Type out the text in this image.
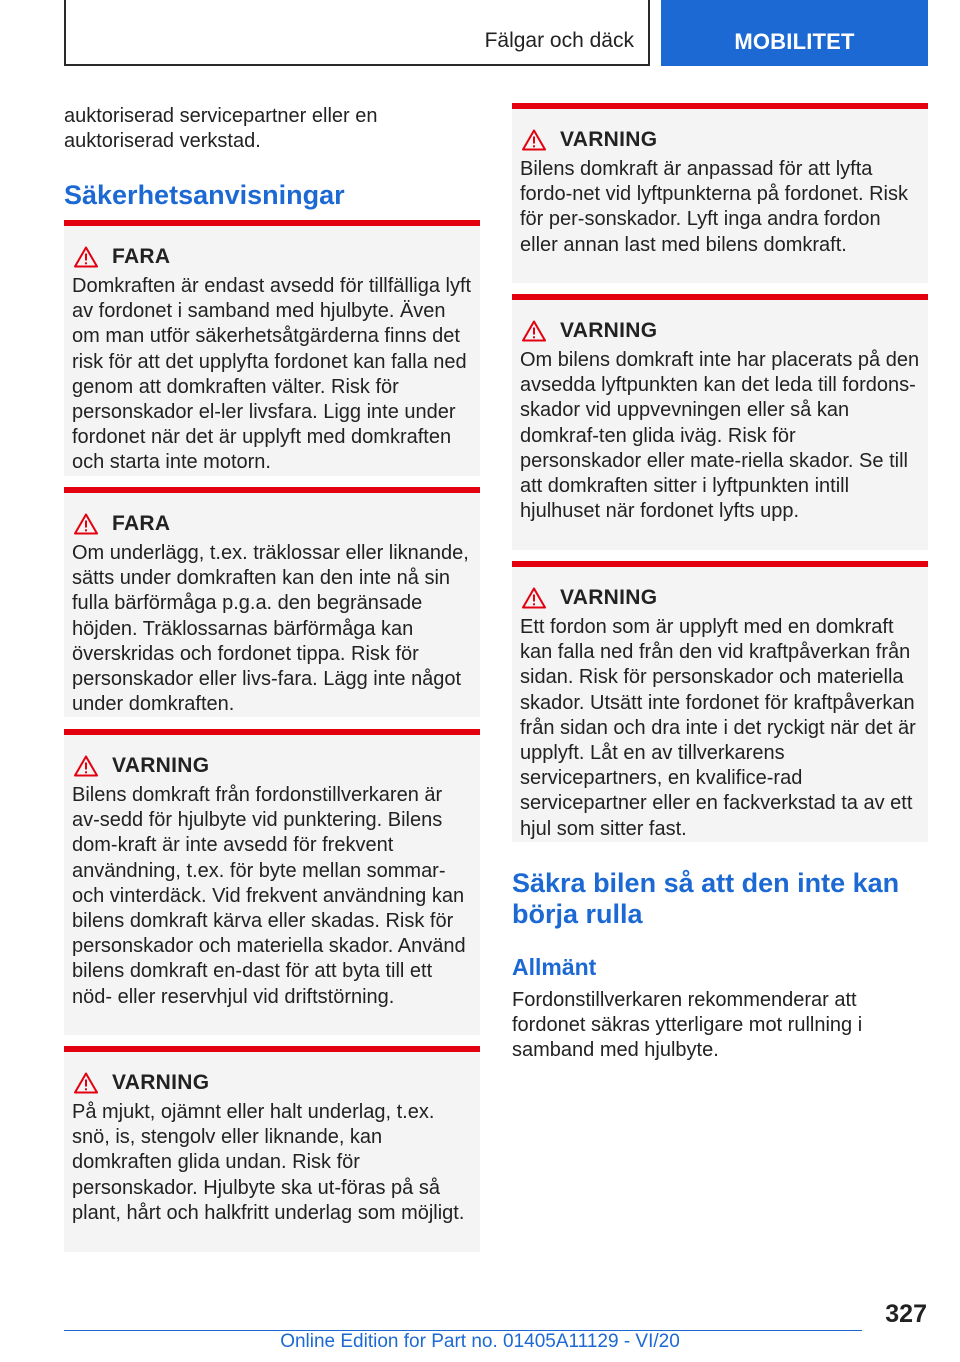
Fälgar och däck	MOBILITET

auktoriserad servicepartner eller en auktoriserad verkstad.

Säkerhetsanvisningar
FARA

Domkraften är endast avsedd för tillfälliga lyft av fordonet i samband med hjulbyte. Även om man utför säkerhetsåtgärderna finns det risk för att det upplyfta fordonet kan falla ned genom att domkraften välter. Risk för personskador el-ler livsfara. Ligg inte under fordonet när det är upplyft med domkraften och starta inte motorn.

FARA

Om underlägg, t.ex. träklossar eller liknande, sätts under domkraften kan den inte nå sin fulla bärförmåga p.g.a. den begränsade höjden. Träklossarnas bärförmåga kan överskridas och fordonet tippa. Risk för personskador eller livs-fara. Lägg inte något under domkraften.

VARNING

Bilens domkraft från fordonstillverkaren är av-sedd för hjulbyte vid punktering. Bilens dom-kraft är inte avsedd för frekvent användning, t.ex. för byte mellan sommar- och vinterdäck. Vid frekvent användning kan bilens domkraft kärva eller skadas. Risk för personskador och materiella skador. Använd bilens domkraft en-dast för att byta till ett nöd- eller reservhjul vid driftstörning.

VARNING

På mjukt, ojämnt eller halt underlag, t.ex. snö, is, stengolv eller liknande, kan domkraften glida undan. Risk för personskador. Hjulbyte ska ut-föras på så plant, hårt och halkfritt underlag som möjligt.

VARNING

Bilens domkraft är anpassad för att lyfta fordo-net vid lyftpunkterna på fordonet. Risk för per-sonskador. Lyft inga andra fordon eller annan last med bilens domkraft.

VARNING

Om bilens domkraft inte har placerats på den avsedda lyftpunkten kan det leda till fordons-skador vid uppvevningen eller så kan domkraf-ten glida iväg. Risk för personskador eller mate-riella skador. Se till att domkraften sitter i lyftpunkten intill hjulhuset när fordonet lyfts upp.

VARNING

Ett fordon som är upplyft med en domkraft kan falla ned från den vid kraftpåverkan från sidan. Risk för personskador och materiella skador. Utsätt inte fordonet för kraftpåverkan från sidan och dra inte i det ryckigt när det är upplyft. Låt en av tillverkarens servicepartners, en kvalifice-rad servicepartner eller en fackverkstad ta av ett hjul som sitter fast.

Säkra bilen så att den inte kan börja rulla
Allmänt

Fordonstillverkaren rekommenderar att fordonet säkras ytterligare mot rullning i samband med hjulbyte.

327
Online Edition for Part no. 01405A11129 - VI/20
